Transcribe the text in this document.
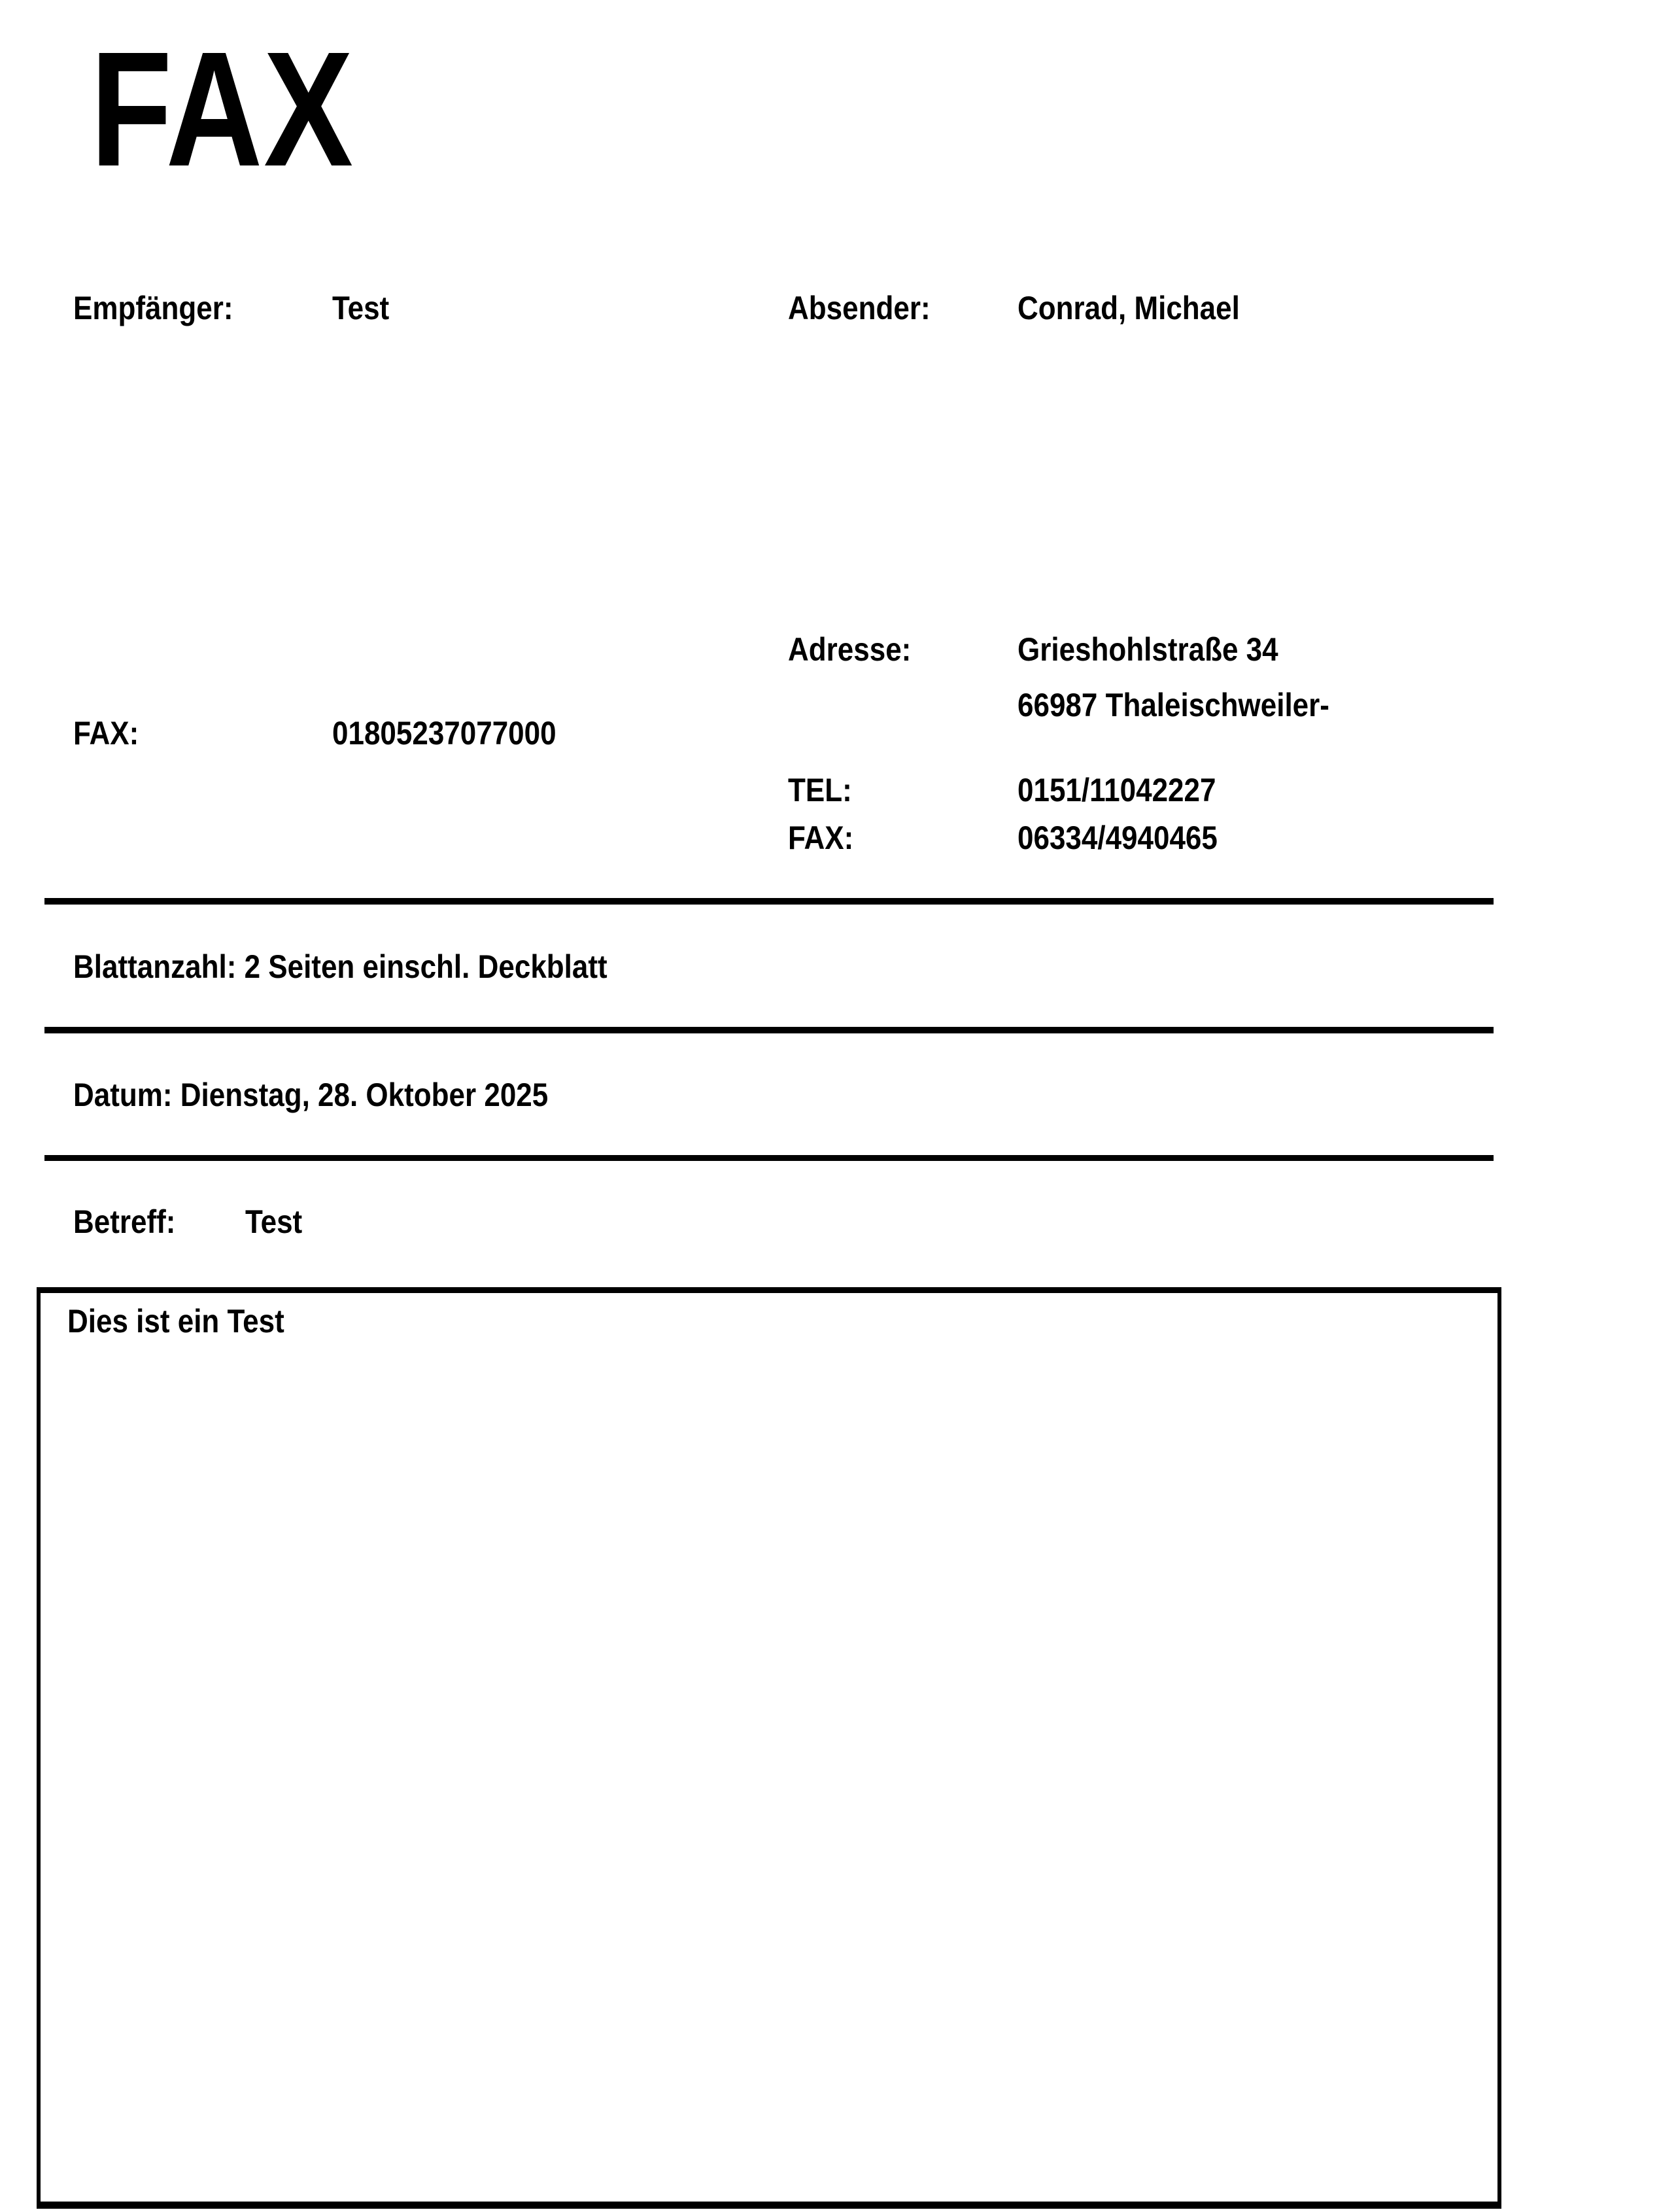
FAX
Empfänger:	Test	Absender:	Conrad, Michael
Adresse:	Grieshohlstraße 34
66987 Thaleischweiler-
FAX:	01805237077000
TEL:	0151/11042227
FAX:	06334/4940465
Blattanzahl: 2 Seiten einschl. Deckblatt
Datum: Dienstag, 28. Oktober 2025
Betreff: Test
Dies ist ein Test
